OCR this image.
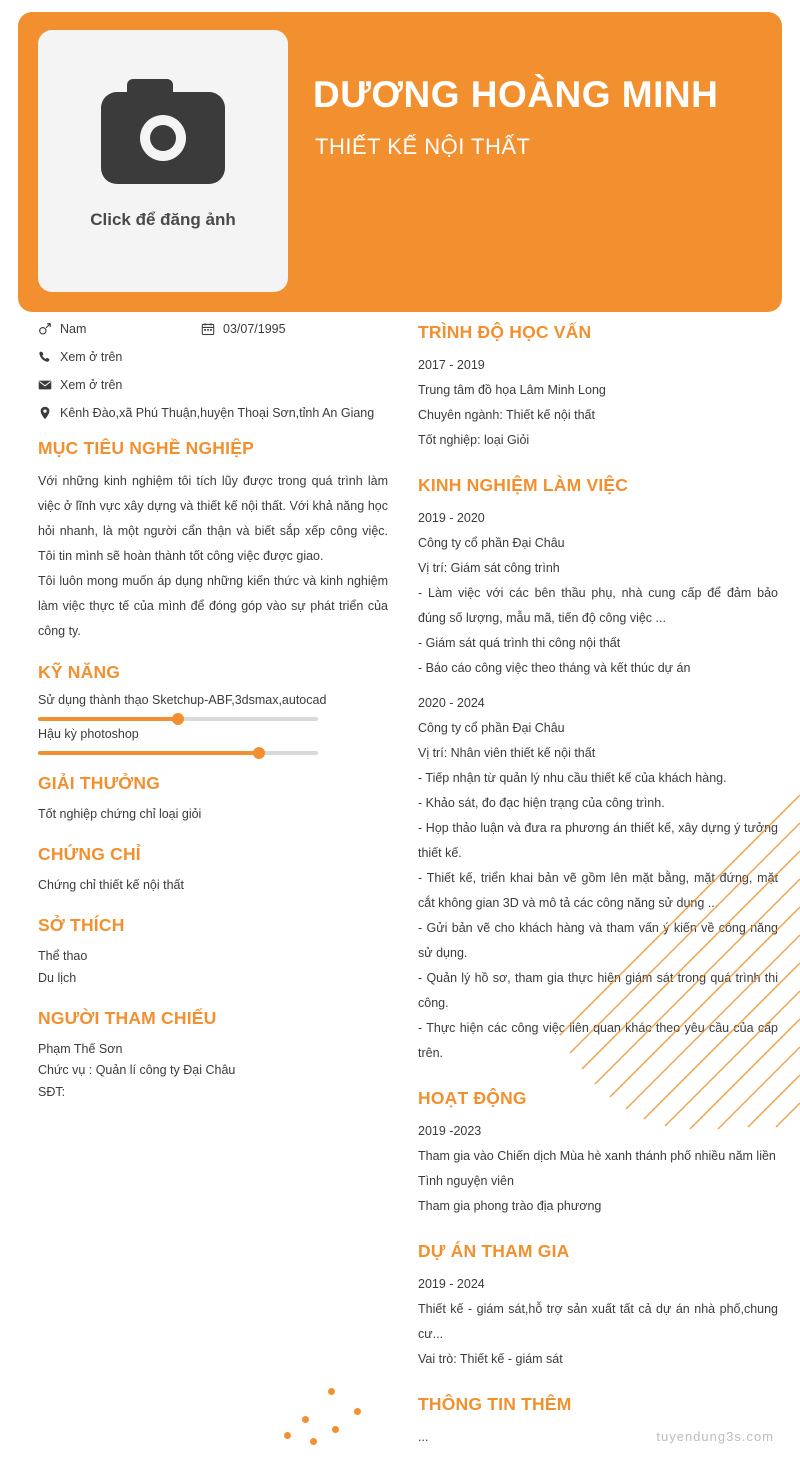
Click để đăng ảnh
DƯƠNG HOÀNG MINH
THIẾT KẾ NỘI THẤT
Nam	03/07/1995
Xem ở trên
Xem ở trên
Kênh Đào,xã Phú Thuận,huyện Thoại Sơn,tỉnh An Giang
MỤC TIÊU NGHỀ NGHIỆP

Với những kinh nghiệm tôi tích lũy được trong quá trình làm việc ở lĩnh vực xây dựng và thiết kế nội thất. Với khả năng học hỏi nhanh, là một người cẩn thận và biết sắp xếp công việc. Tôi tin mình sẽ hoàn thành tốt công việc được giao.

Tôi luôn mong muốn áp dụng những kiến thức và kinh nghiệm làm việc thực tế của mình để đóng góp vào sự phát triển của công ty.

KỸ NĂNG
Sử dụng thành thạo Sketchup-ABF,3dsmax,autocad
Hậu kỳ photoshop
GIẢI THƯỞNG
Tốt nghiệp chứng chỉ loại giỏi
CHỨNG CHỈ
Chứng chỉ thiết kế nội thất
SỞ THÍCH
Thể thao
Du lịch
NGƯỜI THAM CHIẾU
Phạm Thế Sơn
Chức vụ : Quản lí công ty Đại Châu
SĐT:
TRÌNH ĐỘ HỌC VẤN
2017 - 2019
Trung tâm đồ họa Lâm Minh Long
Chuyên ngành: Thiết kế nội thất
Tốt nghiệp: loại Giỏi
KINH NGHIỆM LÀM VIỆC
2019 - 2020
Công ty cổ phần Đại Châu
Vị trí: Giám sát công trình
- Làm việc với các bên thầu phụ, nhà cung cấp để đảm bảo đúng số lượng, mẫu mã, tiến độ công việc ...
- Giám sát quá trình thi công nội thất
- Báo cáo công việc theo tháng và kết thúc dự án
2020 - 2024
Công ty cổ phần Đại Châu
Vị trí: Nhân viên thiết kế nội thất
- Tiếp nhận từ quản lý nhu cầu thiết kế của khách hàng.
- Khảo sát, đo đạc hiện trạng của công trình.
- Họp thảo luận và đưa ra phương án thiết kế, xây dựng ý tưởng thiết kế.
- Thiết kế, triển khai bản vẽ gồm lên mặt bằng, mặt đứng, mặt cắt không gian 3D và mô tả các công năng sử dụng ...
- Gửi bản vẽ cho khách hàng và tham vấn ý kiến về công năng sử dụng.
- Quản lý hồ sơ, tham gia thực hiện giám sát trong quá trình thi công.
- Thực hiện các công việc liên quan khác theo yêu cầu của cấp trên.
HOẠT ĐỘNG
2019 -2023
Tham gia vào Chiến dịch Mùa hè xanh thánh phố nhiều năm liền
Tình nguyện viên
Tham gia phong trào địa phương
DỰ ÁN THAM GIA
2019 - 2024
Thiết kế - giám sát,hỗ trợ sản xuất tất cả dự án nhà phố,chung cư...
Vai trò: Thiết kế - giám sát
THÔNG TIN THÊM
...	tuyendung3s.com
